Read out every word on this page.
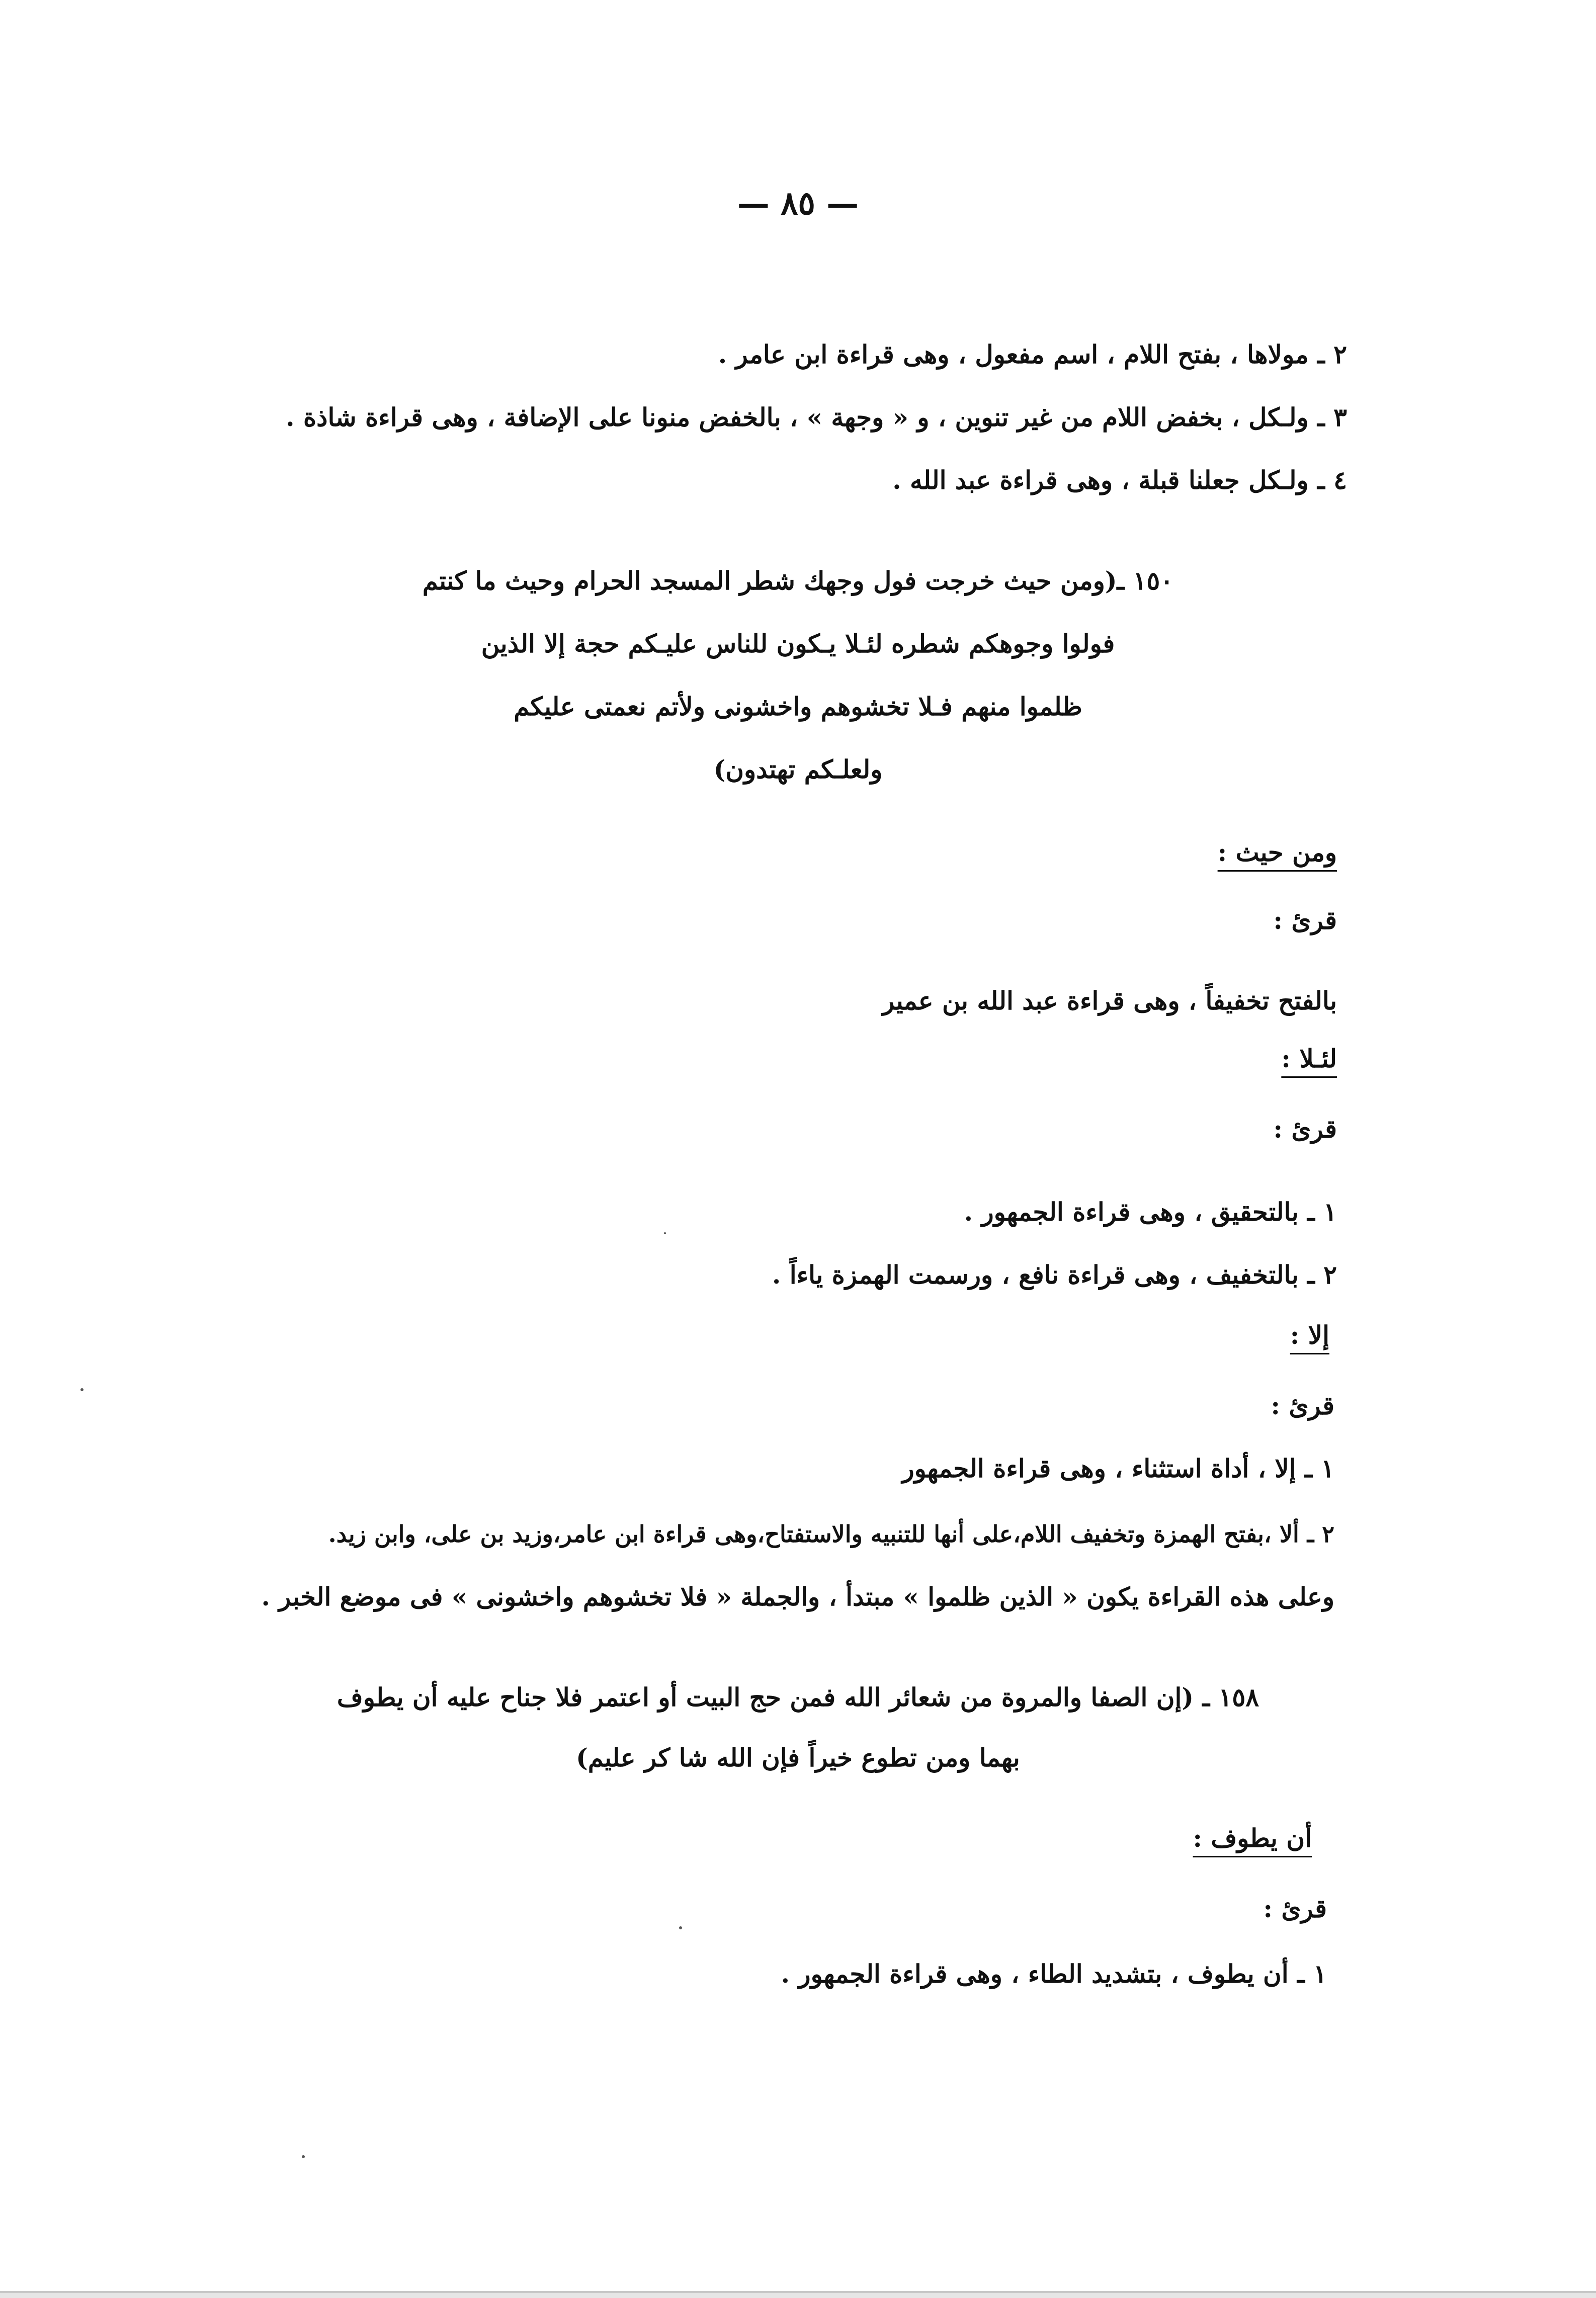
— ٨٥ —
٢ ـ مولاها ، بفتح اللام ، اسم مفعول ، وهى قراءة ابن عامر .
٣ ـ ولـكل ، بخفض اللام من غير تنوين ، و « وجهة » ، بالخفض منونا على الإضافة ، وهى قراءة شاذة .
٤ ـ ولـكل جعلنا قبلة ، وهى قراءة عبد الله .
١٥٠ ـ(ومن حيث خرجت فول وجهك شطر المسجد الحرام وحيث ما كنتم
فولوا وجوهكم شطره لئـلا يـكون للناس عليـكم حجة إلا الذين
ظلموا منهم فـلا تخشوهم واخشونى ولأتم نعمتى عليكم
ولعلـكم تهتدون)
ومن حيث :
قرئ :
بالفتح تخفيفاً ، وهى قراءة عبد الله بن عمير
لئـلا :
قرئ :
١ ـ بالتحقيق ، وهى قراءة الجمهور .
٢ ـ بالتخفيف ، وهى قراءة نافع ، ورسمت الهمزة ياءاً .
إلا :
قرئ :
١ ـ إلا ، أداة استثناء ، وهى قراءة الجمهور
٢ ـ ألا ،بفتح الهمزة وتخفيف اللام،على أنها للتنبيه والاستفتاح،وهى قراءة ابن عامر،وزيد بن على، وابن زيد.
وعلى هذه القراءة يكون « الذين ظلموا » مبتدأ ، والجملة « فلا تخشوهم واخشونى » فى موضع الخبر .
١٥٨ ـ (إن الصفا والمروة من شعائر الله فمن حج البيت أو اعتمر فلا جناح عليه أن يطوف
بهما ومن تطوع خيراً فإن الله شا كر عليم)
أن يطوف :
قرئ :
١ ـ أن يطوف ، بتشديد الطاء ، وهى قراءة الجمهور .
